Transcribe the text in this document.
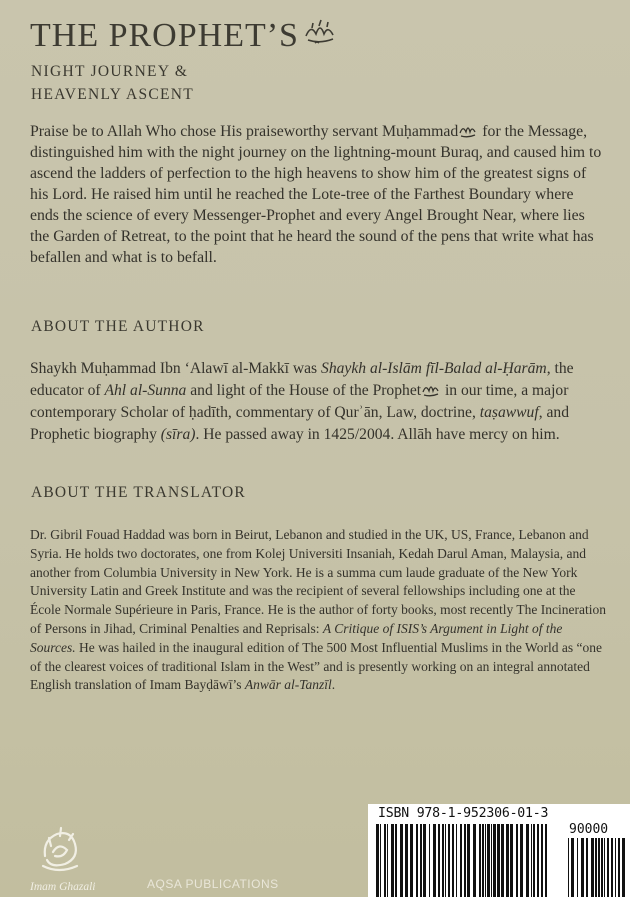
THE PROPHET’S
NIGHT JOURNEY &
HEAVENLY ASCENT

Praise be to Allah Who chose His praiseworthy servant Muḥammad for the Message, distinguished him with the night journey on the lightning-mount Buraq, and caused him to ascend the ladders of perfection to the high heavens to show him of the greatest signs of his Lord. He raised him until he reached the Lote-tree of the Farthest Boundary where ends the science of every Messenger-Prophet and every Angel Brought Near, where lies the Garden of Retreat, to the point that he heard the sound of the pens that write what has befallen and what is to befall.

ABOUT THE AUTHOR

Shaykh Muḥammad Ibn ‘Alawī al-Makkī was Shaykh al-Islām fīl-Balad al-Ḥarām, the educator of Ahl al-Sunna and light of the House of the Prophet in our time, a major contemporary Scholar of ḥadīth, commentary of Qurʾān, Law, doctrine, taṣawwuf, and Prophetic biography (sīra). He passed away in 1425/2004. Allāh have mercy on him.

ABOUT THE TRANSLATOR

Dr. Gibril Fouad Haddad was born in Beirut, Lebanon and studied in the UK, US, France, Lebanon and Syria. He holds two doctorates, one from Kolej Universiti Insaniah, Kedah Darul Aman, Malaysia, and another from Columbia University in New York. He is a summa cum laude graduate of the New York University Latin and Greek Institute and was the recipient of several fellowships including one at the École Normale Supérieure in Paris, France. He is the author of forty books, most recently The Incineration of Persons in Jihad, Criminal Penalties and Reprisals: A Critique of ISIS’s Argument in Light of the Sources. He was hailed in the inaugural edition of The 500 Most Influential Muslims in the World as “one of the clearest voices of traditional Islam in the West” and is presently working on an integral annotated English translation of Imam Bayḍāwī’s Anwār al-Tanzīl.

Imam Ghazali	AQSA PUBLICATIONS
ISBN 978-1-952306-01-3
90000
